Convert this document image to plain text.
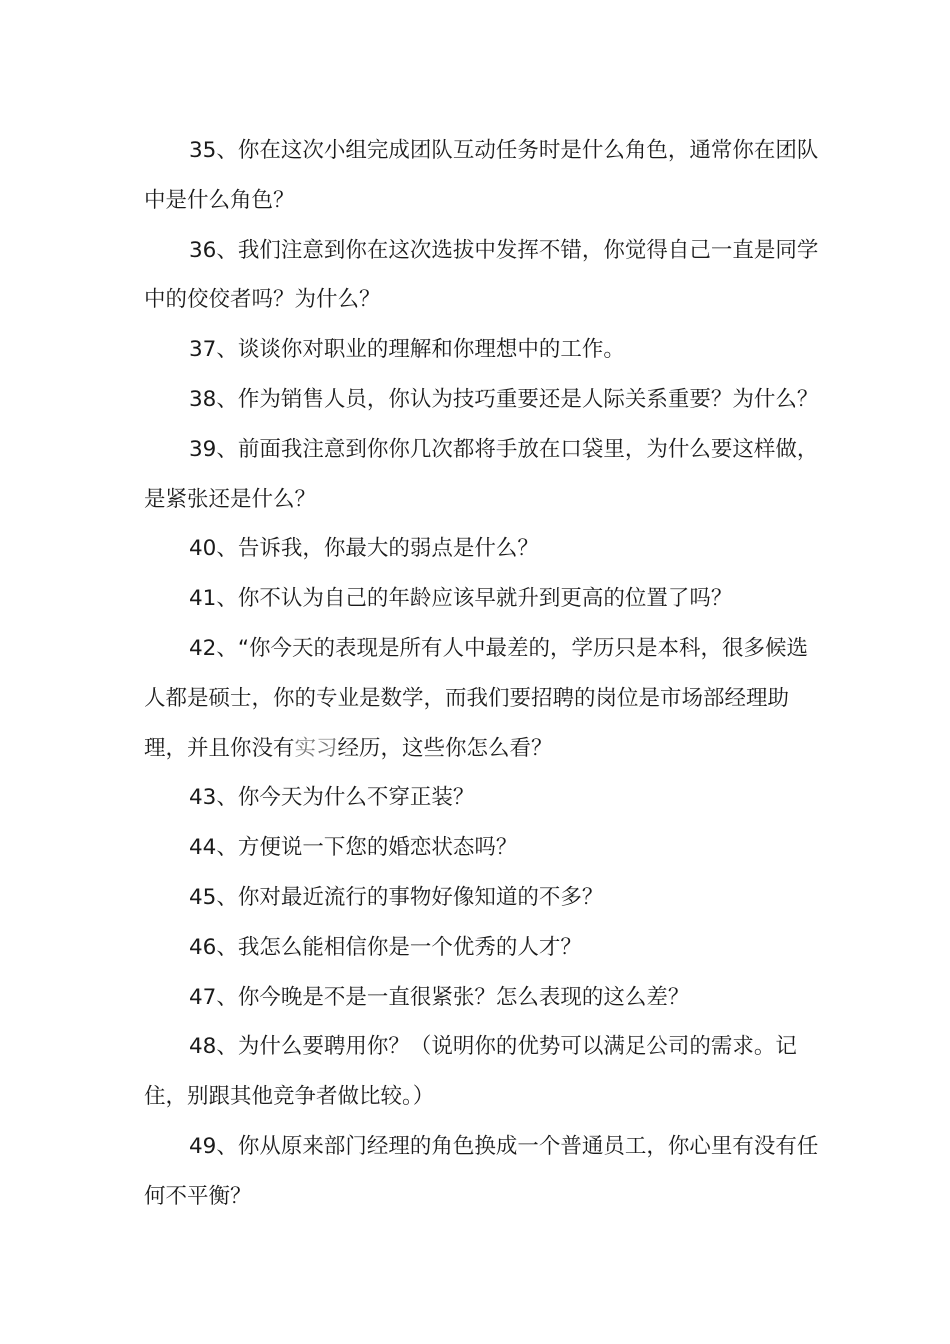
35、你在这次小组完成团队互动任务时是什么角色，通常你在团队中是什么角色？

36、我们注意到你在这次选拔中发挥不错，你觉得自己一直是同学中的佼佼者吗？为什么？

37、谈谈你对职业的理解和你理想中的工作。

38、作为销售人员，你认为技巧重要还是人际关系重要？为什么？

39、前面我注意到你你几次都将手放在口袋里，为什么要这样做，是紧张还是什么？

40、告诉我，你最大的弱点是什么？

41、你不认为自己的年龄应该早就升到更高的位置了吗？

42、“你今天的表现是所有人中最差的，学历只是本科，很多候选人都是硕士，你的专业是数学，而我们要招聘的岗位是市场部经理助理，并且你没有实习经历，这些你怎么看？

43、你今天为什么不穿正装？

44、方便说一下您的婚恋状态吗？

45、你对最近流行的事物好像知道的不多？

46、我怎么能相信你是一个优秀的人才？

47、你今晚是不是一直很紧张？怎么表现的这么差？

48、为什么要聘用你？（说明你的优势可以满足公司的需求。记住，别跟其他竞争者做比较。）

49、你从原来部门经理的角色换成一个普通员工，你心里有没有任何不平衡？
